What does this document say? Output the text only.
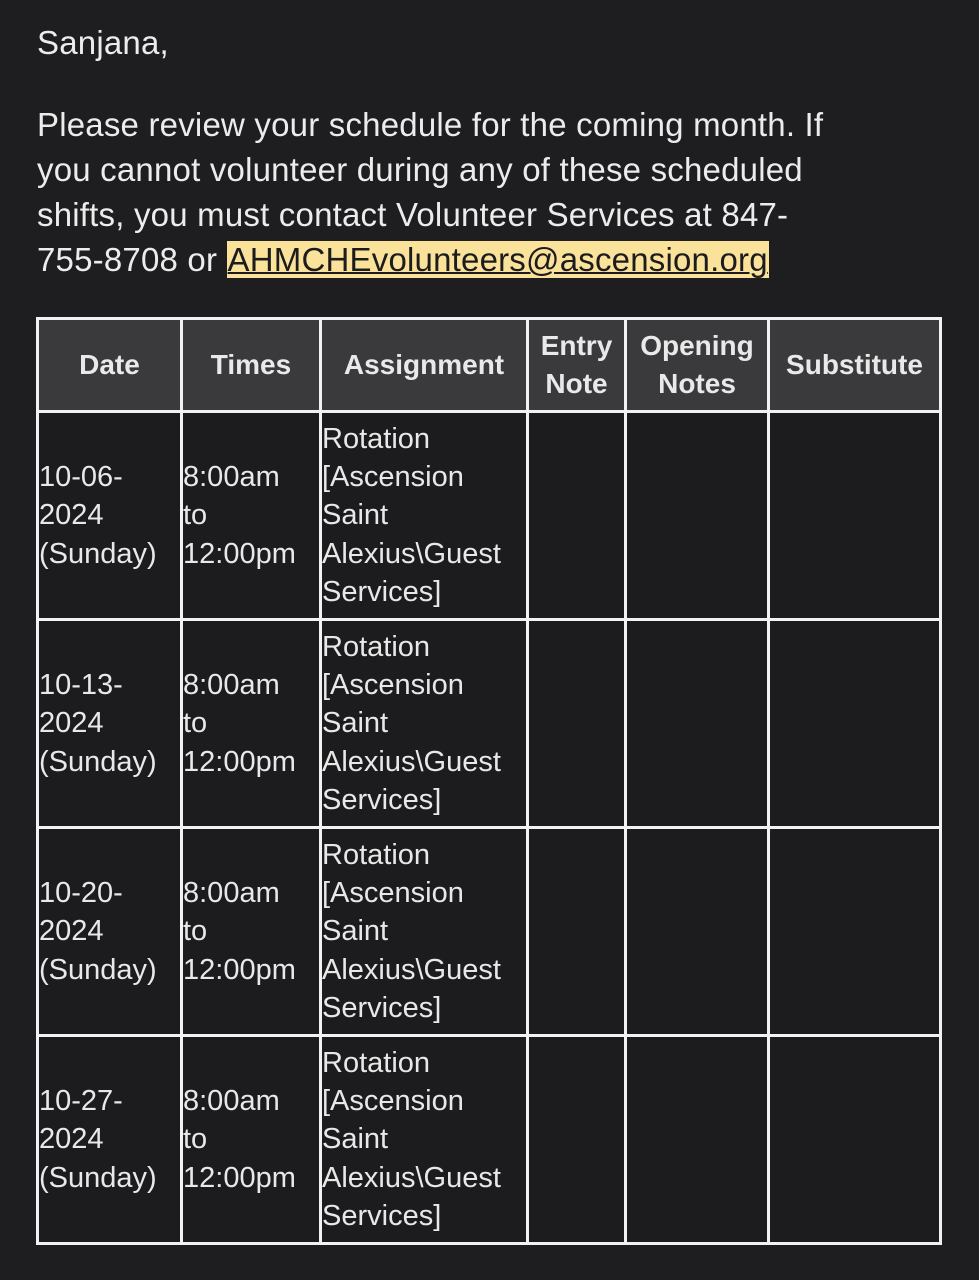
Sanjana,
Please review your schedule for the coming month. If
you cannot volunteer during any of these scheduled
shifts, you must contact Volunteer Services at 847-
755-8708 or AHMCHEvolunteers@ascension.org
Date	Times	Assignment	Entry
Note	Opening
Notes	Substitute

10-06-
2024
(Sunday)	8:00am
to
12:00pm	Rotation
[Ascension
Saint
Alexius\Guest
Services]			

10-13-
2024
(Sunday)	8:00am
to
12:00pm	Rotation
[Ascension
Saint
Alexius\Guest
Services]			

10-20-
2024
(Sunday)	8:00am
to
12:00pm	Rotation
[Ascension
Saint
Alexius\Guest
Services]			

10-27-
2024
(Sunday)	8:00am
to
12:00pm	Rotation
[Ascension
Saint
Alexius\Guest
Services]			
